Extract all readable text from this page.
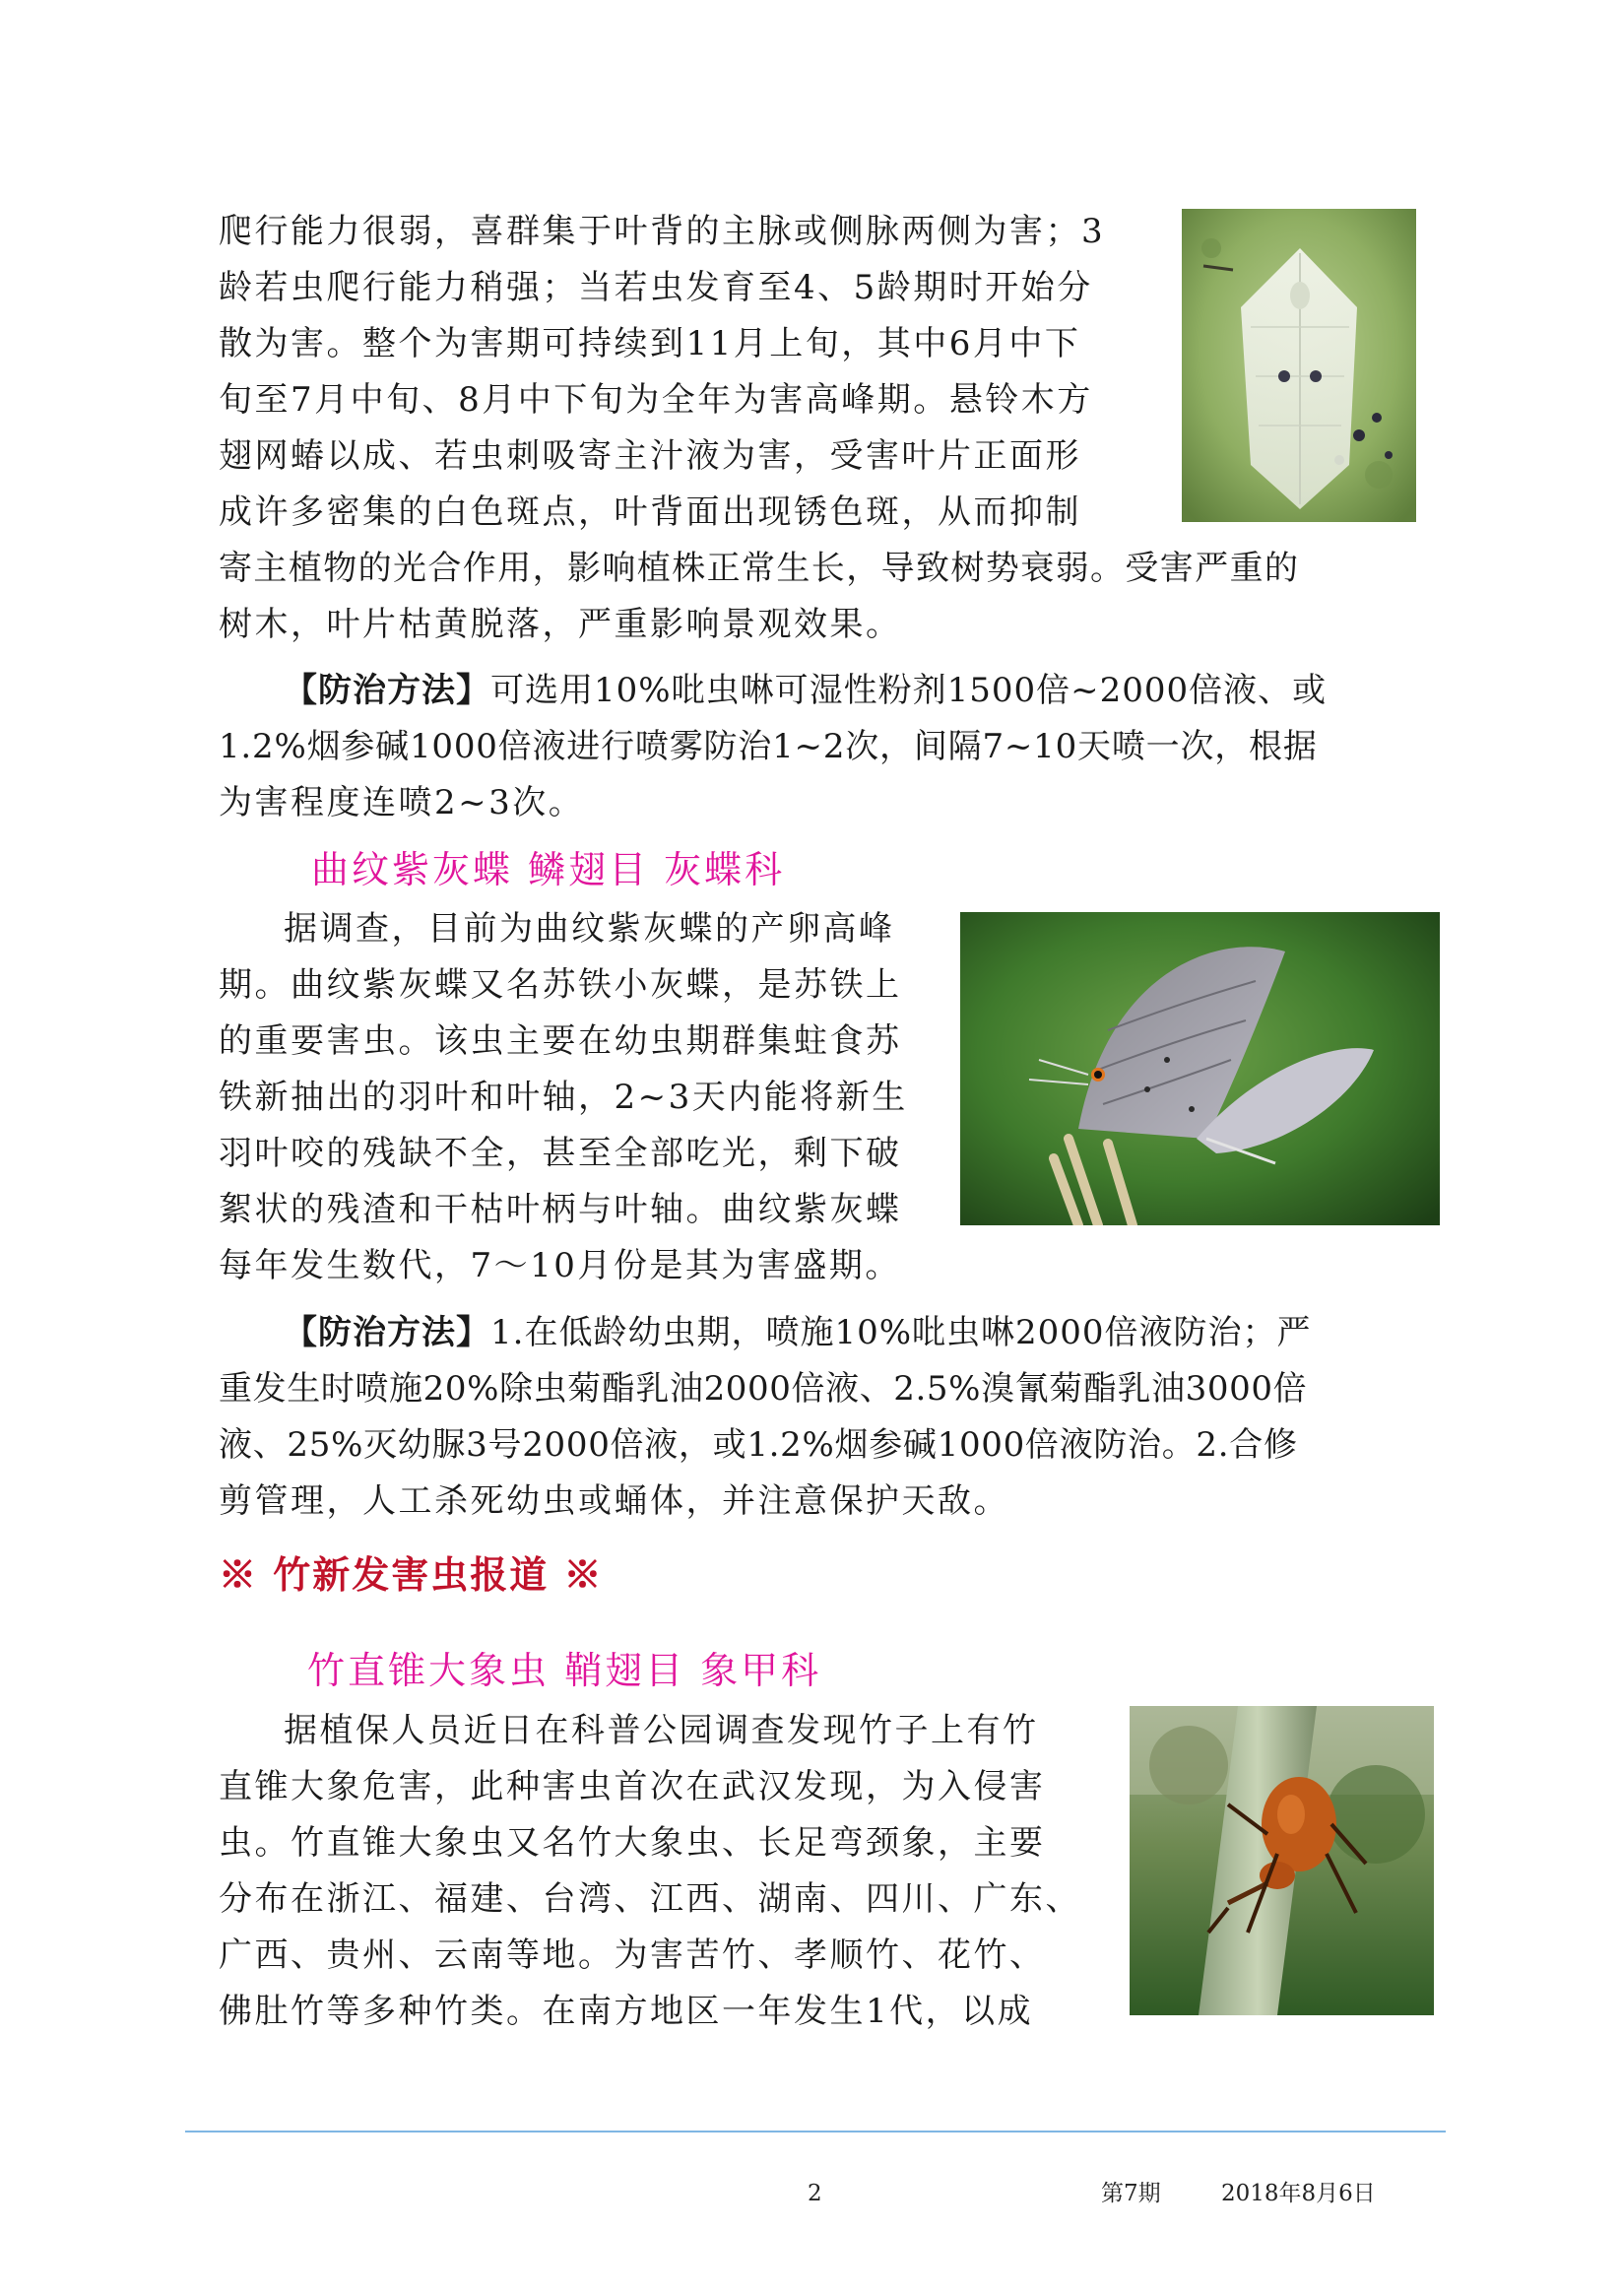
爬行能力很弱，喜群集于叶背的主脉或侧脉两侧为害；3
龄若虫爬行能力稍强；当若虫发育至4、5龄期时开始分
散为害。整个为害期可持续到11月上旬，其中6月中下
旬至7月中旬、8月中下旬为全年为害高峰期。悬铃木方
翅网蝽以成、若虫刺吸寄主汁液为害，受害叶片正面形
成许多密集的白色斑点，叶背面出现锈色斑，从而抑制
寄主植物的光合作用，影响植株正常生长，导致树势衰弱。受害严重的
树木，叶片枯黄脱落，严重影响景观效果。
【防治方法】可选用10%吡虫啉可湿性粉剂1500倍~2000倍液、或
1.2%烟参碱1000倍液进行喷雾防治1~2次，间隔7~10天喷一次，根据
为害程度连喷2~3次。
曲纹紫灰蝶 鳞翅目 灰蝶科
据调查，目前为曲纹紫灰蝶的产卵高峰
期。曲纹紫灰蝶又名苏铁小灰蝶，是苏铁上
的重要害虫。该虫主要在幼虫期群集蛀食苏
铁新抽出的羽叶和叶轴，2~3天内能将新生
羽叶咬的残缺不全，甚至全部吃光，剩下破
絮状的残渣和干枯叶柄与叶轴。曲纹紫灰蝶
每年发生数代，7～10月份是其为害盛期。
【防治方法】1.在低龄幼虫期，喷施10%吡虫啉2000倍液防治；严
重发生时喷施20%除虫菊酯乳油2000倍液、2.5%溴氰菊酯乳油3000倍
液、25%灭幼脲3号2000倍液，或1.2%烟参碱1000倍液防治。2.合修
剪管理，人工杀死幼虫或蛹体，并注意保护天敌。
※ 竹新发害虫报道 ※
竹直锥大象虫 鞘翅目 象甲科
据植保人员近日在科普公园调查发现竹子上有竹
直锥大象危害，此种害虫首次在武汉发现，为入侵害
虫。竹直锥大象虫又名竹大象虫、长足弯颈象，主要
分布在浙江、福建、台湾、江西、湖南、四川、广东、
广西、贵州、云南等地。为害苦竹、孝顺竹、花竹、
佛肚竹等多种竹类。在南方地区一年发生1代，以成
2	第7期	2018年8月6日
